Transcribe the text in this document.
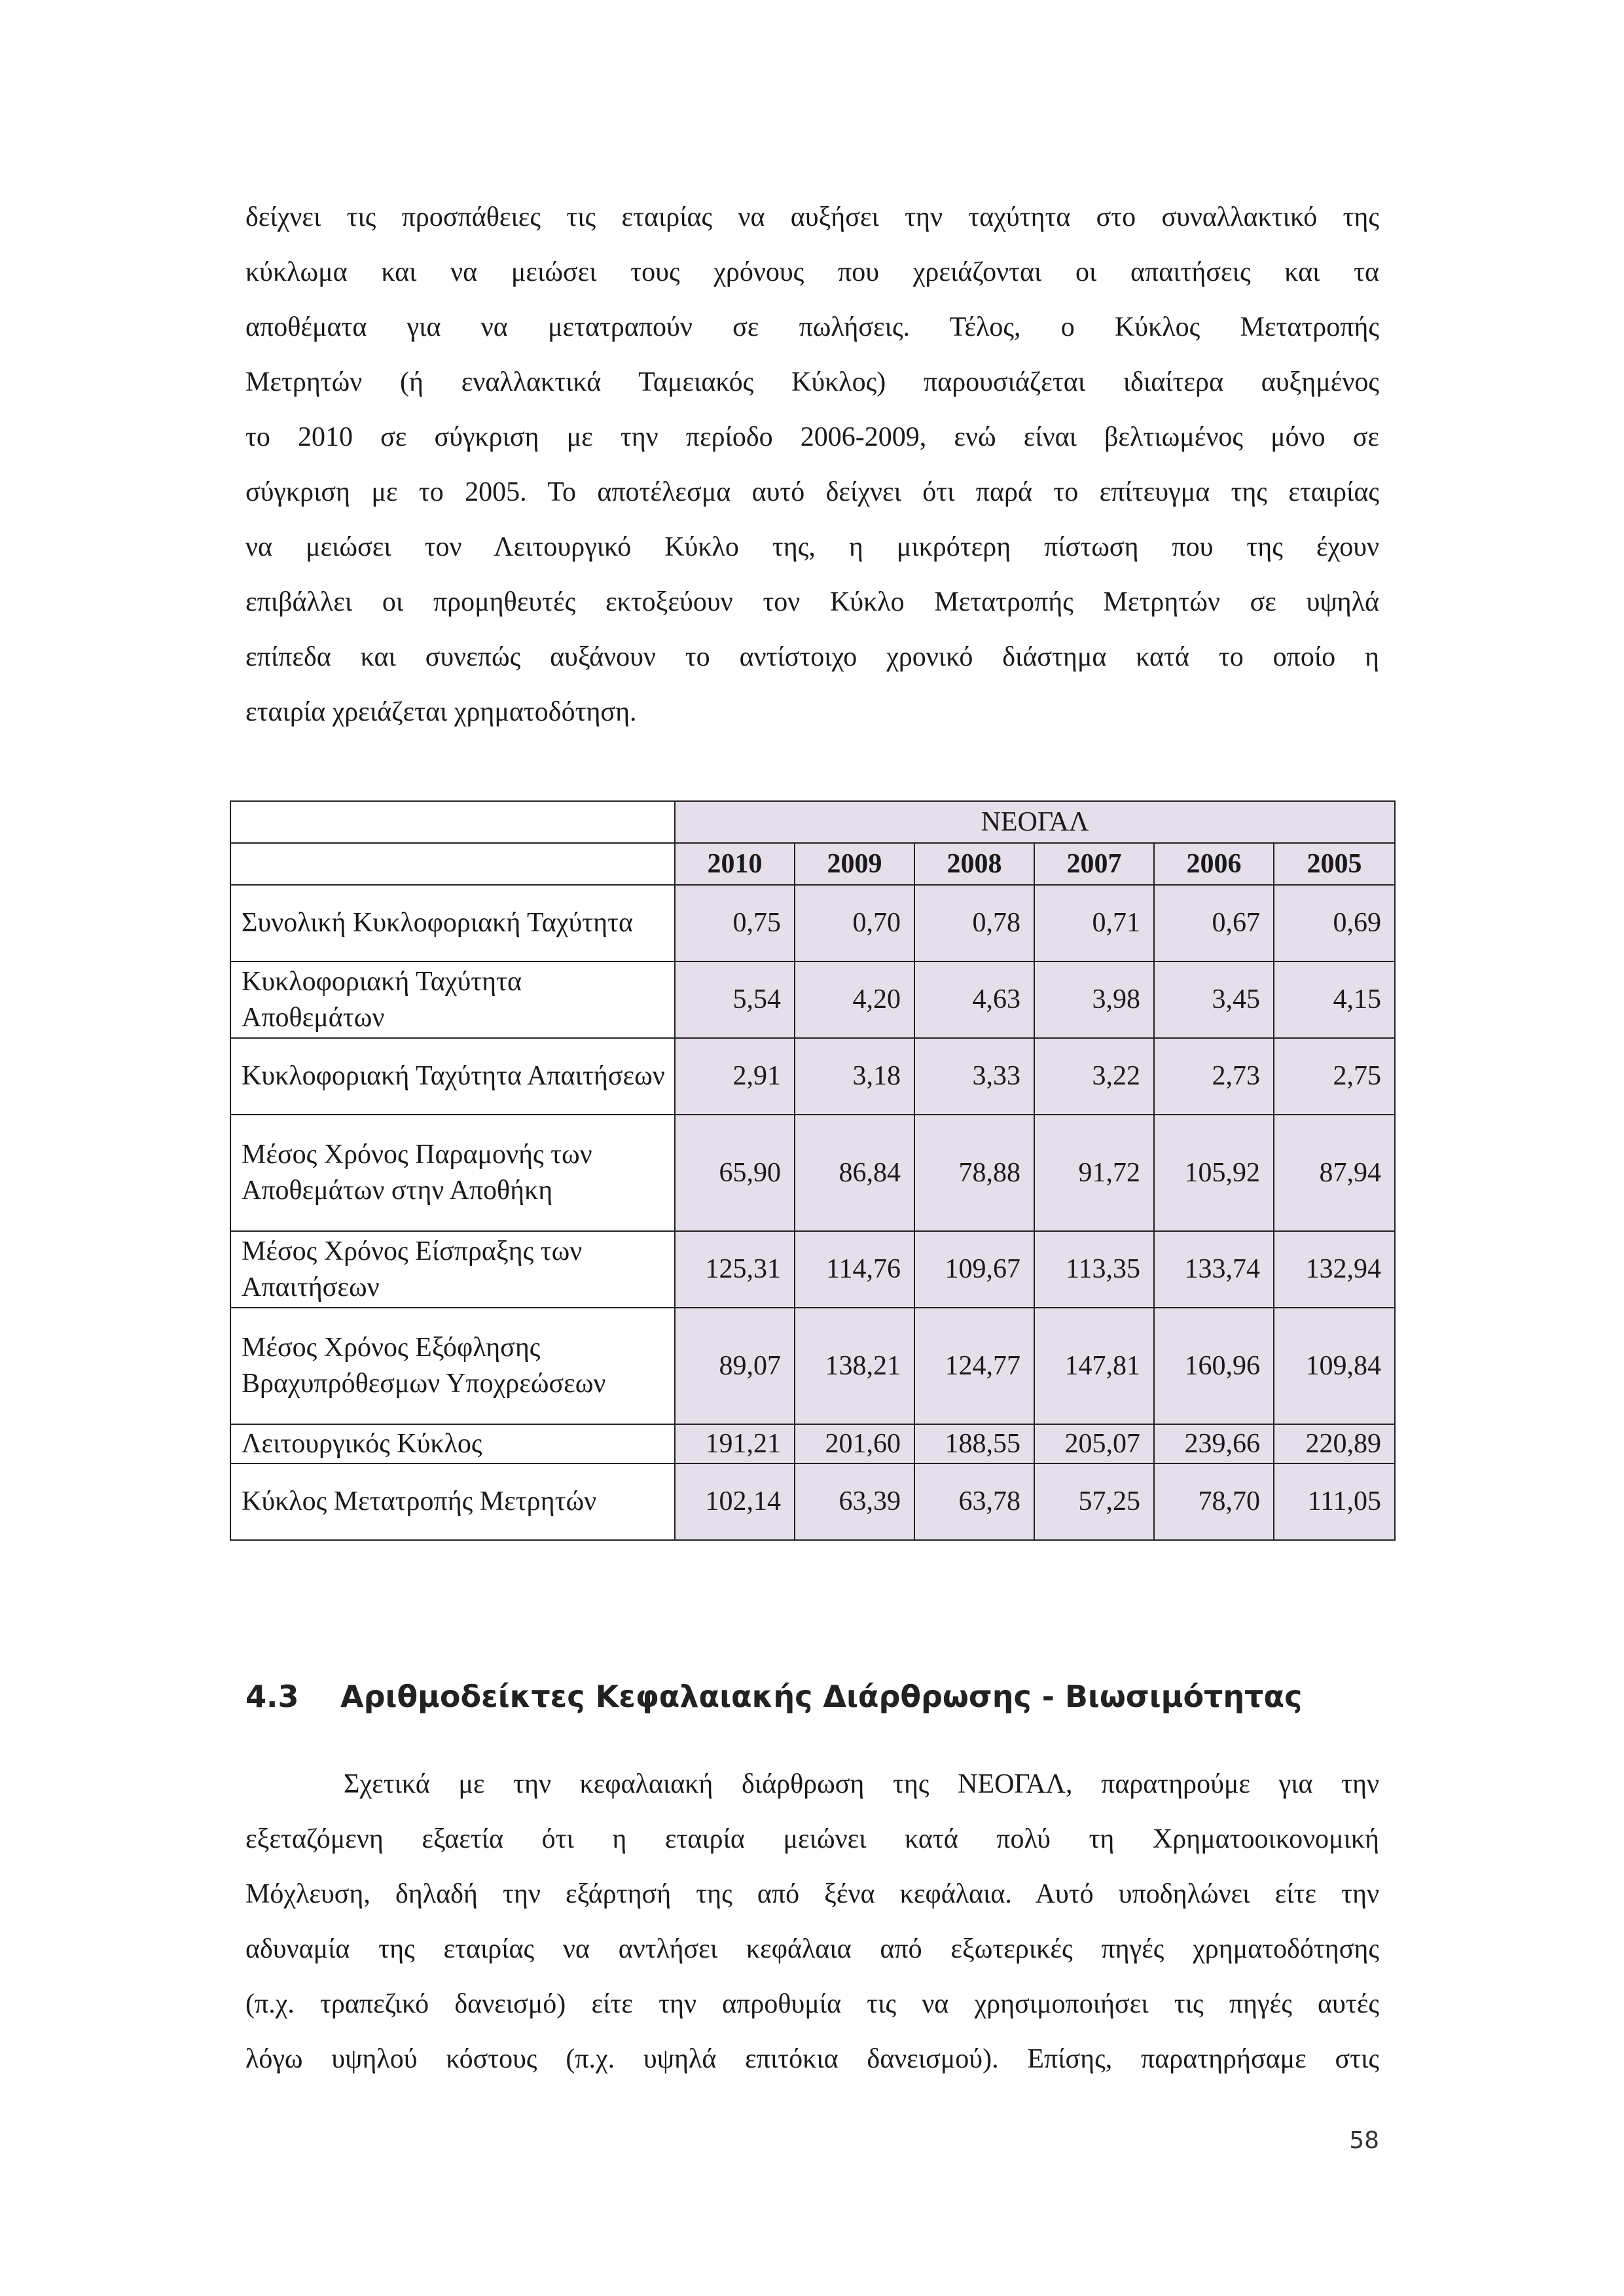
δείχνει τις προσπάθειες τις εταιρίας να αυξήσει την ταχύτητα στο συναλλακτικό της
κύκλωμα και να μειώσει τους χρόνους που χρειάζονται οι απαιτήσεις και τα
αποθέματα για να μετατραπούν σε πωλήσεις. Τέλος, ο Κύκλος Μετατροπής
Μετρητών (ή εναλλακτικά Ταμειακός Κύκλος) παρουσιάζεται ιδιαίτερα αυξημένος
το 2010 σε σύγκριση με την περίοδο 2006-2009, ενώ είναι βελτιωμένος μόνο σε
σύγκριση με το 2005. Το αποτέλεσμα αυτό δείχνει ότι παρά το επίτευγμα της εταιρίας
να μειώσει τον Λειτουργικό Κύκλο της, η μικρότερη πίστωση που της έχουν
επιβάλλει οι προμηθευτές εκτοξεύουν τον Κύκλο Μετατροπής Μετρητών σε υψηλά
επίπεδα και συνεπώς αυξάνουν το αντίστοιχο χρονικό διάστημα κατά το οποίο η
εταιρία χρειάζεται χρηματοδότηση.
	ΝΕΟΓΑΛ					
	2010	2009	2008	2007	2006	2005
Συνολική Κυκλοφοριακή Ταχύτητα	0,75	0,70	0,78	0,71	0,67	0,69
Κυκλοφοριακή Ταχύτητα Αποθεμάτων	5,54	4,20	4,63	3,98	3,45	4,15
Κυκλοφοριακή Ταχύτητα Απαιτήσεων	2,91	3,18	3,33	3,22	2,73	2,75
Μέσος Χρόνος Παραμονής των Αποθεμάτων στην Αποθήκη	65,90	86,84	78,88	91,72	105,92	87,94
Μέσος Χρόνος Είσπραξης των Απαιτήσεων	125,31	114,76	109,67	113,35	133,74	132,94
Μέσος Χρόνος Εξόφλησης Βραχυπρόθεσμων Υποχρεώσεων	89,07	138,21	124,77	147,81	160,96	109,84
Λειτουργικός Κύκλος	191,21	201,60	188,55	205,07	239,66	220,89
Κύκλος Μετατροπής Μετρητών	102,14	63,39	63,78	57,25	78,70	111,05
4.3 Αριθμοδείκτες Κεφαλαιακής Διάρθρωσης - Βιωσιμότητας
Σχετικά με την κεφαλαιακή διάρθρωση της ΝΕΟΓΑΛ, παρατηρούμε για την
εξεταζόμενη εξαετία ότι η εταιρία μειώνει κατά πολύ τη Χρηματοοικονομική
Μόχλευση, δηλαδή την εξάρτησή της από ξένα κεφάλαια. Αυτό υποδηλώνει είτε την
αδυναμία της εταιρίας να αντλήσει κεφάλαια από εξωτερικές πηγές χρηματοδότησης
(π.χ. τραπεζικό δανεισμό) είτε την απροθυμία τις να χρησιμοποιήσει τις πηγές αυτές
λόγω υψηλού κόστους (π.χ. υψηλά επιτόκια δανεισμού). Επίσης, παρατηρήσαμε στις
58
